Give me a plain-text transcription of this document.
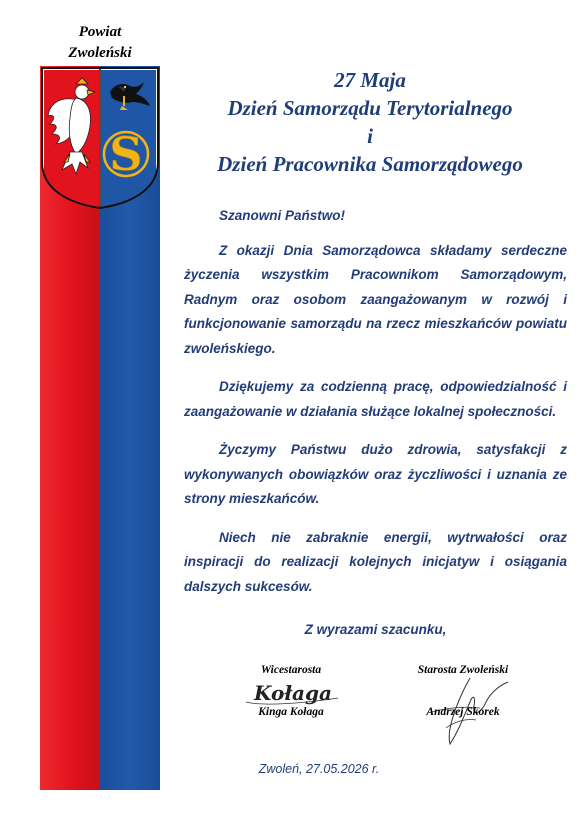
Powiat
Zwoleński
S
27 Maja
Dzień Samorządu Terytorialnego
i
Dzień Pracownika Samorządowego

Szanowni Państwo!

Z okazji Dnia Samorządowca składamy serdeczne życzenia wszystkim Pracownikom Samorządowym, Radnym oraz osobom zaangażowanym w rozwój i funkcjonowanie samorządu na rzecz mieszkańców powiatu zwoleńskiego.

Dziękujemy za codzienną pracę, odpowiedzialność i zaangażowanie w działania służące lokalnej społeczności.

Życzymy Państwu dużo zdrowia, satysfakcji z wykonywanych obowiązków oraz życzliwości i uznania ze strony mieszkańców.

Niech nie zabraknie energii, wytrwałości oraz inspiracji do realizacji kolejnych inicjatyw i osiągania dalszych sukcesów.

Z wyrazami szacunku,
Wicestarosta
Kołaga
Kinga Kołaga
Starosta Zwoleński
Andrzej Skorek
Zwoleń, 27.05.2026 r.
